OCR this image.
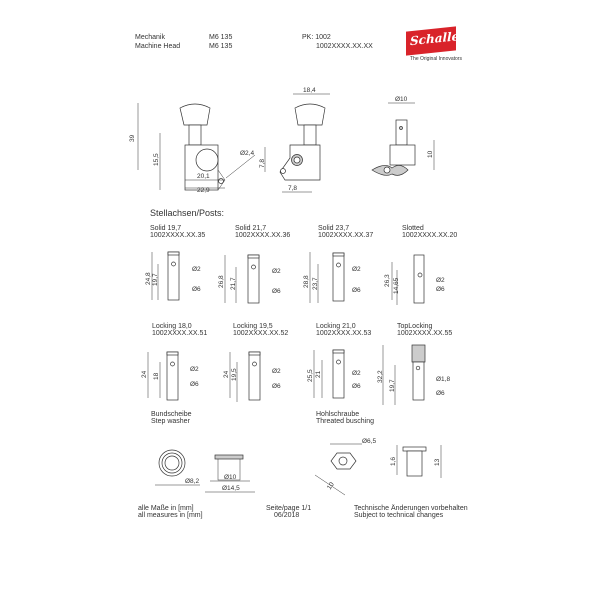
Mechanik
Machine Head
M6 135
M6 135
PK: 1002
1002XXXX.XX.XX	Schaller
The Original Innovators
Stellachsen/Posts:
Solid 19,7
1002XXXX.XX.35
Solid 21,7
1002XXXX.XX.36
Solid 23,7
1002XXXX.XX.37
Slotted
1002XXXX.XX.20
Locking 18,0
1002XXXX.XX.51
Locking 19,5
1002XXXX.XX.52
Locking 21,0
1002XXXX.XX.53
TopLocking
1002XXXX.XX.55
Bundscheibe
Step washer
Hohlschraube
Threated busching
alle Maße in [mm]
all measures in [mm]
Seite/page 1/1
06/2018
Technische Änderungen vorbehalten
Subject to technical changes
39
15,5	Ø2,4
20,1
22,9
18,4
7,8
7,8
Ø10
10
24,8 19,7
Ø2
Ø6
26,8 21,7
Ø2
Ø6
28,8 23,7
Ø2
Ø6
26,3 14,65	Ø2
Ø6
24 18
Ø2
Ø6
24 19,5	Ø2
Ø6
25,5 21	Ø2
Ø6
32,2
19,7	Ø1,8
Ø6
Ø8,2
Ø10
Ø14,5
Ø6,5
10
1,6	13
